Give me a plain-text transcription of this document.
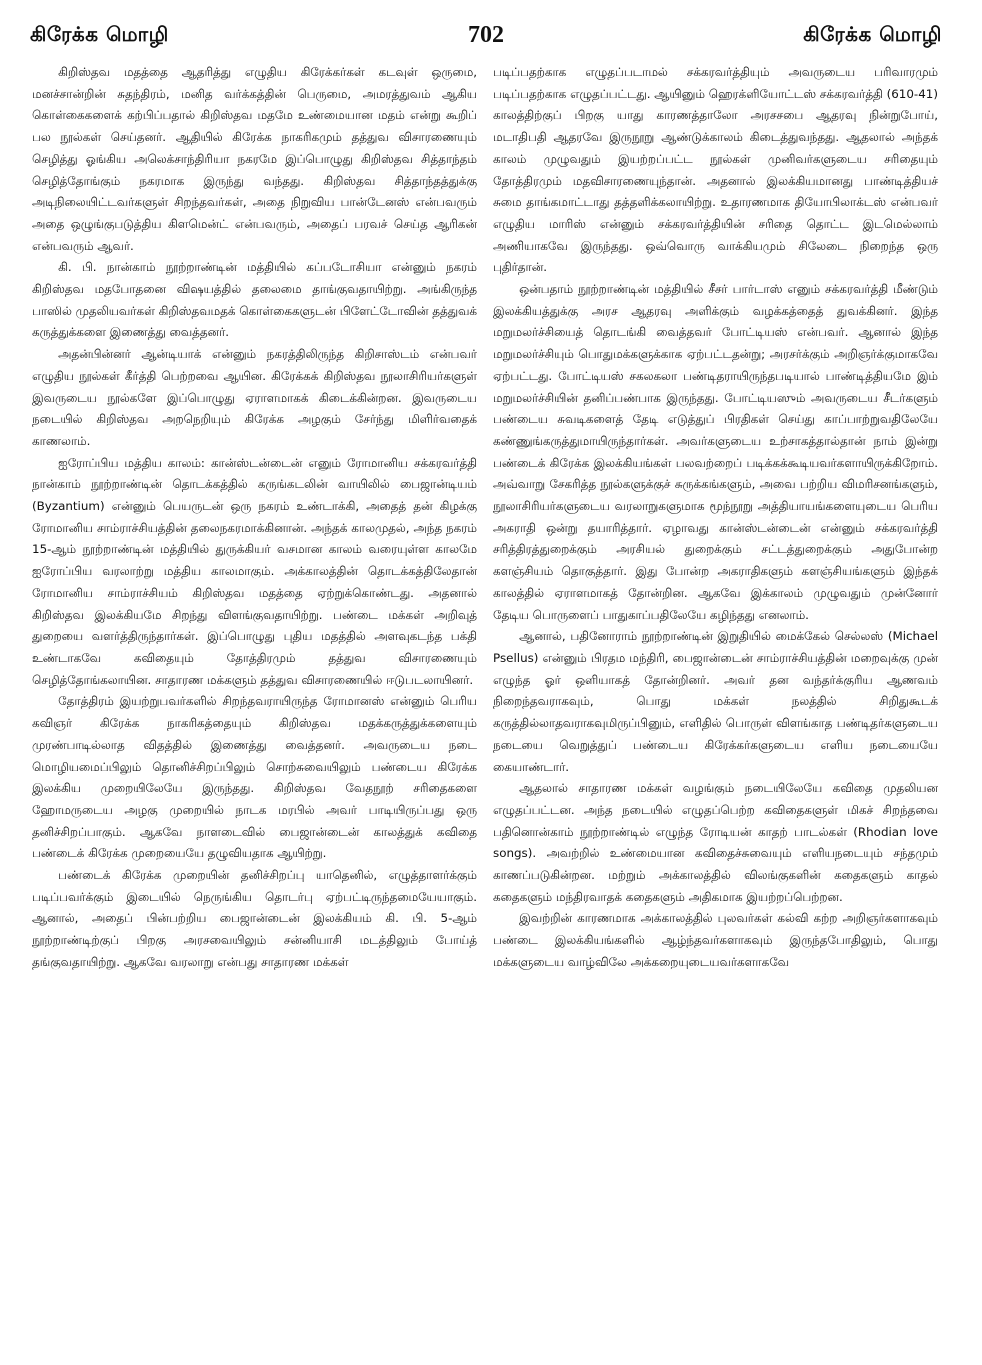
கிரேக்க மொழி	702	கிரேக்க மொழி

கிறிஸ்தவ மதத்தை ஆதரித்து எழுதிய கிரேக்கர்கள் கடவுள் ஒருமை, மனச்சான்றின் சுதந்திரம், மனித வர்க்கத்தின் பெருமை, அமரத்துவம் ஆகிய கொள்கைகளைக் கற்பிப்பதால் கிறிஸ்தவ மதமே உண்மையான மதம் என்று கூறிப் பல நூல்கள் செய்தனர். ஆதியில் கிரேக்க நாகரிகமும் தத்துவ விசாரணையும் செழித்து ஓங்கிய அலெக்சாந்திரியா நகரமே இப்பொழுது கிறிஸ்தவ சித்தாந்தம் செழித்தோங்கும் நகரமாக இருந்து வந்தது. கிறிஸ்தவ சித்தாந்தத்துக்கு அடிநிலையிட்டவர்களுள் சிறந்தவர்கள், அதை நிறுவிய பான்டேனஸ் என்பவரும் அதை ஒழுங்குபடுத்திய கிளமென்ட் என்பவரும், அதைப் பரவச் செய்த ஆரிகன் என்பவரும் ஆவர்.

கி. பி. நான்காம் நூற்றாண்டின் மத்தியில் கப்படோசியா என்னும் நகரம் கிறிஸ்தவ மதபோதனை விஷயத்தில் தலைமை தாங்குவதாயிற்று. அங்கிருந்த பாஸில் முதலியவர்கள் கிறிஸ்தவமதக் கொள்கைகளுடன் பிளேட்டோவின் தத்துவக் கருத்துக்களை இணைத்து வைத்தனர்.

அதன்பின்னர் ஆன்டியாக் என்னும் நகரத்திலிருந்த கிறிசாஸ்டம் என்பவர் எழுதிய நூல்கள் கீர்த்தி பெற்றவை ஆயின. கிரேக்கக் கிறிஸ்தவ நூலாசிரியர்களுள் இவருடைய நூல்களே இப்பொழுது ஏராளமாகக் கிடைக்கின்றன. இவருடைய நடையில் கிறிஸ்தவ அறநெறியும் கிரேக்க அழகும் சேர்ந்து மிளிர்வதைக் காணலாம்.

ஐரோப்பிய மத்திய காலம்: கான்ஸ்டன்டைன் எனும் ரோமானிய சக்கரவர்த்தி நான்காம் நூற்றாண்டின் தொடக்கத்தில் கருங்கடலின் வாயிலில் பைஜான்டியம் (Byzantium) என்னும் பெயருடன் ஒரு நகரம் உண்டாக்கி, அதைத் தன் கிழக்கு ரோமானிய சாம்ராச்சியத்தின் தலைநகரமாக்கினான். அந்தக் காலமுதல், அந்த நகரம் 15-ஆம் நூற்றாண்டின் மத்தியில் துருக்கியர் வசமான காலம் வரையுள்ள காலமே ஐரோப்பிய வரலாற்று மத்திய காலமாகும். அக்காலத்தின் தொடக்கத்திலேதான் ரோமானிய சாம்ராச்சியம் கிறிஸ்தவ மதத்தை ஏற்றுக்கொண்டது. அதனால் கிறிஸ்தவ இலக்கியமே சிறந்து விளங்குவதாயிற்று. பண்டை மக்கள் அறிவுத் துறையை வளர்த்திருந்தார்கள். இப்பொழுது புதிய மதத்தில் அளவுகடந்த பக்தி உண்டாகவே கவிதையும் தோத்திரமும் தத்துவ விசாரணையும் செழித்தோங்கலாயின. சாதாரண மக்களும் தத்துவ விசாரணையில் ஈடுபடலாயினர்.

தோத்திரம் இயற்றுபவர்களில் சிறந்தவராயிருந்த ரோமானஸ் என்னும் பெரிய கவிஞர் கிரேக்க நாகரிகத்தையும் கிறிஸ்தவ மதக்கருத்துக்களையும் முரண்பாடில்லாத விதத்தில் இணைத்து வைத்தனர். அவருடைய நடை மொழியமைப்பிலும் தொனிச்சிறப்பிலும் சொற்சுவையிலும் பண்டைய கிரேக்க இலக்கிய முறையிலேயே இருந்தது. கிறிஸ்தவ வேதநூற் சரிதைகளை ஹோமருடைய அழகு முறையில் நாடக மரபில் அவர் பாடியிருப்பது ஒரு தனிச்சிறப்பாகும். ஆகவே நாளடைவில் பைஜான்டைன் காலத்துக் கவிதை பண்டைக் கிரேக்க முறையையே தழுவியதாக ஆயிற்று.

பண்டைக் கிரேக்க முறையின் தனிச்சிறப்பு யாதெனில், எழுத்தாளர்க்கும் படிப்பவர்க்கும் இடையில் நெருங்கிய தொடர்பு ஏற்பட்டிருந்தமையேயாகும். ஆனால், அதைப் பின்பற்றிய பைஜான்டைன் இலக்கியம் கி. பி. 5-ஆம் நூற்றாண்டிற்குப் பிறகு அரசவையிலும் சன்னியாசி மடத்திலும் போய்த் தங்குவதாயிற்று. ஆகவே வரலாறு என்பது சாதாரண மக்கள்

படிப்பதற்காக எழுதப்படாமல் சக்கரவர்த்தியும் அவருடைய பரிவாரமும் படிப்பதற்காக எழுதப்பட்டது. ஆயினும் ஹெரக்ளியோட்டஸ் சக்கரவர்த்தி (610-41) காலத்திற்குப் பிறகு யாது காரணத்தாலோ அரசசபை ஆதரவு நின்றுபோய், மடாதிபதி ஆதரவே இருநூறு ஆண்டுக்காலம் கிடைத்துவந்தது. ஆதலால் அந்தக் காலம் முழுவதும் இயற்றப்பட்ட நூல்கள் முனிவர்களுடைய சரிதையும் தோத்திரமும் மதவிசாரணையுந்தான். அதனால் இலக்கியமானது பாண்டித்தியச் சுமை தாங்கமாட்டாது தத்தளிக்கலாயிற்று. உதாரணமாக தியோபிலாக்டஸ் என்பவர் எழுதிய மாரிஸ் என்னும் சக்கரவர்த்தியின் சரிதை தொட்ட இடமெல்லாம் அணியாகவே இருந்தது. ஒவ்வொரு வாக்கியமும் சிலேடை நிறைந்த ஒரு புதிர்தான்.

ஒன்பதாம் நூற்றாண்டின் மத்தியில் சீசர் பார்டாஸ் எனும் சக்கரவர்த்தி மீண்டும் இலக்கியத்துக்கு அரச ஆதரவு அளிக்கும் வழக்கத்தைத் துவக்கினர். இந்த மறுமலர்ச்சியைத் தொடங்கி வைத்தவர் போட்டியஸ் என்பவர். ஆனால் இந்த மறுமலர்ச்சியும் பொதுமக்களுக்காக ஏற்பட்டதன்று; அரசர்க்கும் அறிஞர்க்குமாகவே ஏற்பட்டது. போட்டியஸ் சகலகலா பண்டிதராயிருந்தபடியால் பாண்டித்தியமே இம் மறுமலர்ச்சியின் தனிப்பண்பாக இருந்தது. போட்டியஸும் அவருடைய சீடர்களும் பண்டைய சுவடிகளைத் தேடி எடுத்துப் பிரதிகள் செய்து காப்பாற்றுவதிலேயே கண்ணுங்கருத்துமாயிருந்தார்கள். அவர்களுடைய உற்சாகத்தால்தான் நாம் இன்று பண்டைக் கிரேக்க இலக்கியங்கள் பலவற்றைப் படிக்கக்கூடியவர்களாயிருக்கிறோம். அவ்வாறு சேகரித்த நூல்களுக்குச் சுருக்கங்களும், அவை பற்றிய விமரிசனங்களும், நூலாசிரியர்களுடைய வரலாறுகளுமாக மூந்நூறு அத்தியாயங்களையுடைய பெரிய அகராதி ஒன்று தயாரித்தார். ஏழாவது கான்ஸ்டன்டைன் என்னும் சக்கரவர்த்தி சரித்திரத்துறைக்கும் அரசியல் துறைக்கும் சட்டத்துறைக்கும் அதுபோன்ற களஞ்சியம் தொகுத்தார். இது போன்ற அகராதிகளும் களஞ்சியங்களும் இந்தக் காலத்தில் ஏராளமாகத் தோன்றின. ஆகவே இக்காலம் முழுவதும் முன்னோர் தேடிய பொருளைப் பாதுகாப்பதிலேயே கழிந்தது எனலாம்.

ஆனால், பதினோராம் நூற்றாண்டின் இறுதியில் மைக்கேல் செல்லஸ் (Michael Psellus) என்னும் பிரதம மந்திரி, பைஜான்டைன் சாம்ராச்சியத்தின் மறைவுக்கு முன் எழுந்த ஓர் ஒளியாகத் தோன்றினர். அவர் தன வந்தர்க்குரிய ஆணவம் நிறைந்தவராகவும், பொது மக்கள் நலத்தில் சிறிதுகூடக் கருத்தில்லாதவராகவுமிருப்பினும், எளிதில் பொருள் விளங்காத பண்டிதர்களுடைய நடையை வெறுத்துப் பண்டைய கிரேக்கர்களுடைய எளிய நடையையே கையாண்டார்.

ஆதலால் சாதாரண மக்கள் வழங்கும் நடையிலேயே கவிதை முதலியன எழுதப்பட்டன. அந்த நடையில் எழுதப்பெற்ற கவிதைகளுள் மிகச் சிறந்தவை பதினொன்காம் நூற்றாண்டில் எழுந்த ரோடியன் காதற் பாடல்கள் (Rhodian love songs). அவற்றில் உண்மையான கவிதைச்சுவையும் எளியநடையும் சந்தமும் காணப்படுகின்றன. மற்றும் அக்காலத்தில் விலங்குகளின் கதைகளும் காதல் கதைகளும் மந்திரவாதக் கதைகளும் அதிகமாக இயற்றப்பெற்றன.

இவற்றின் காரணமாக அக்காலத்தில் புலவர்கள் கல்வி கற்ற அறிஞர்களாகவும் பண்டை இலக்கியங்களில் ஆழ்ந்தவர்களாகவும் இருந்தபோதிலும், பொது மக்களுடைய வாழ்விலே அக்கறையுடையவர்களாகவே
